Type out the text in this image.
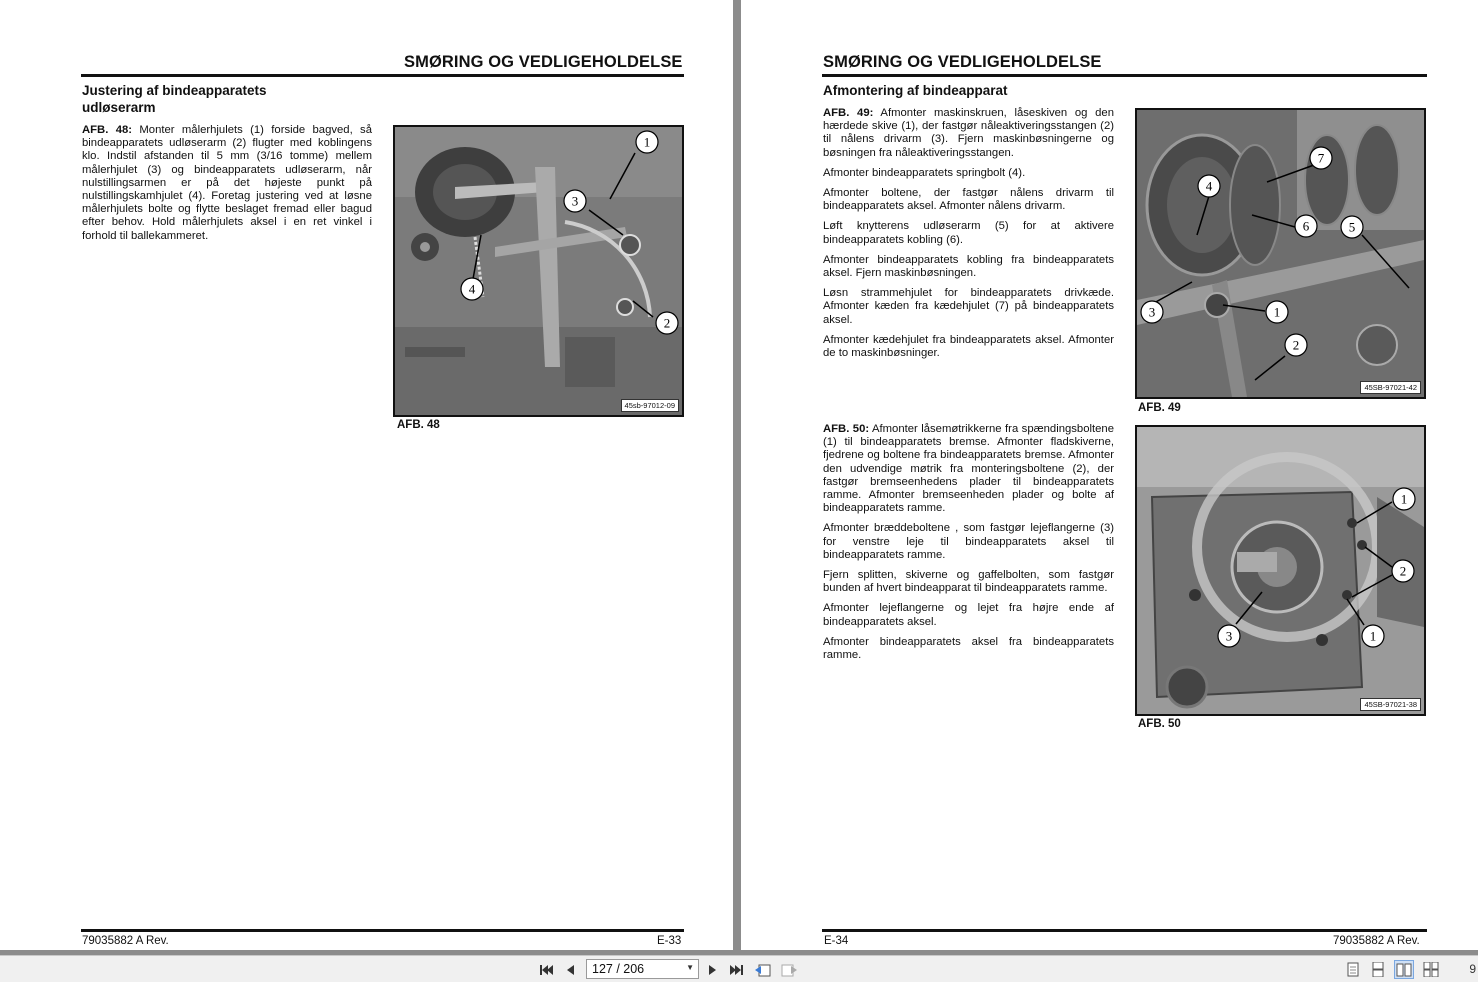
SMØRING OG VEDLIGEHOLDELSE
Justering af bindeapparatets
udløserarm

AFB. 48: Monter målerhjulets (1) forside bagved, så bindeapparatets udløserarm (2) flugter med koblingens klo. Indstil afstanden til 5 mm (3/16 tomme) mellem målerhjulet (3) og bindeapparatets udløserarm, når nulstillingsarmen er på det højeste punkt på nulstillingskamhjulet (4). Foretag justering ved at løsne målerhjulets bolte og flytte beslaget fremad eller bagud efter behov. Hold målerhjulets aksel i en ret vinkel i forhold til ballekammeret.

1
3
4
2
45sb-97012-09
AFB. 48
79035882 A Rev.	E-33
SMØRING OG VEDLIGEHOLDELSE
Afmontering af bindeapparat

AFB. 49: Afmonter maskinskruen, låseskiven og den hærdede skive (1), der fastgør nåleaktiveringsstangen (2) til nålens drivarm (3). Fjern maskinbøsningerne og bøsningen fra nåleaktiveringsstangen.

Afmonter bindeapparatets springbolt (4).

Afmonter boltene, der fastgør nålens drivarm til bindeapparatets aksel. Afmonter nålens drivarm.

Løft knytterens udløserarm (5) for at aktivere bindeapparatets kobling (6).

Afmonter bindeapparatets kobling fra bindeapparatets aksel. Fjern maskinbøsningen.

Løsn strammehjulet for bindeapparatets drivkæde. Afmonter kæden fra kædehjulet (7) på bindeapparatets aksel.

Afmonter kædehjulet fra bindeapparatets aksel. Afmonter de to maskinbøsninger.

7
4
6	5
3	1
2
45SB-97021-42
AFB. 49

AFB. 50: Afmonter låsemøtrikkerne fra spændingsboltene (1) til bindeapparatets bremse. Afmonter fladskiverne, fjedrene og boltene fra bindeapparatets bremse. Afmonter den udvendige møtrik fra monteringsboltene (2), der fastgør bremseenhedens plader til bindeapparatets ramme. Afmonter bremseenheden plader og bolte af bindeapparatets ramme.

Afmonter bræddeboltene , som fastgør lejeflangerne (3) for venstre leje til bindeapparatets aksel til bindeapparatets ramme.

Fjern splitten, skiverne og gaffelbolten, som fastgør bunden af hvert bindeapparat til bindeapparatets ramme.

Afmonter lejeflangerne og lejet fra højre ende af bindeapparatets aksel.

Afmonter bindeapparatets aksel fra bindeapparatets ramme.

1
2
3	1
45SB-97021-38
AFB. 50
E-34	79035882 A Rev.
127 / 206	▼	9
